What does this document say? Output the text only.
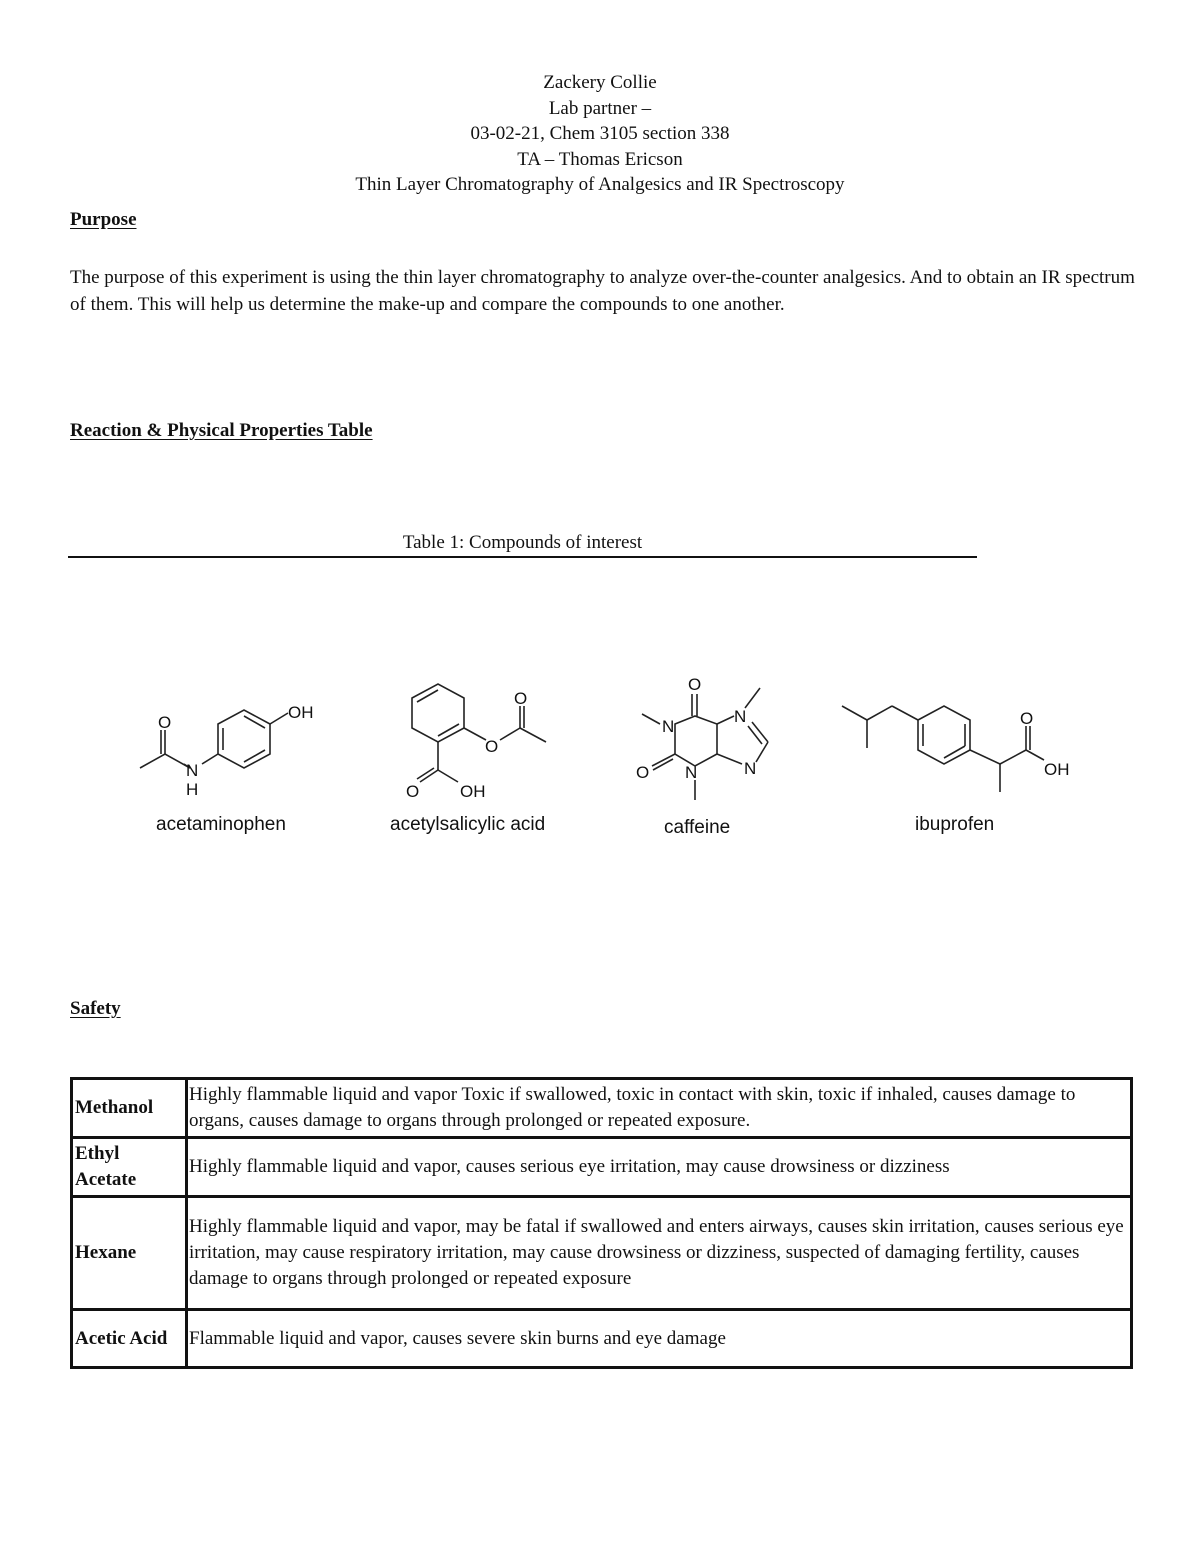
Zackery Collie
Lab partner –
03-02-21, Chem 3105 section 338
TA – Thomas Ericson
Thin Layer Chromatography of Analgesics and IR Spectroscopy
Purpose
The purpose of this experiment is using the thin layer chromatography to analyze over-the-counter analgesics. And to obtain an IR spectrum of them. This will help us determine the make-up and compare the compounds to one another.
Reaction & Physical Properties Table
Table 1: Compounds of interest
O
N
H
OH
acetaminophen
O OH
O
O
acetylsalicylic acid
O
N
N
O
N
N
caffeine
O
OH
ibuprofen
Safety
Methanol	Highly flammable liquid and vapor Toxic if swallowed, toxic in contact with skin, toxic if inhaled, causes damage to organs, causes damage to organs through prolonged or repeated exposure.
Ethyl Acetate	Highly flammable liquid and vapor, causes serious eye irritation, may cause drowsiness or dizziness
Hexane	Highly flammable liquid and vapor, may be fatal if swallowed and enters airways, causes skin irritation, causes serious eye irritation, may cause respiratory irritation, may cause drowsiness or dizziness, suspected of damaging fertility, causes damage to organs through prolonged or repeated exposure
Acetic Acid	Flammable liquid and vapor, causes severe skin burns and eye damage
